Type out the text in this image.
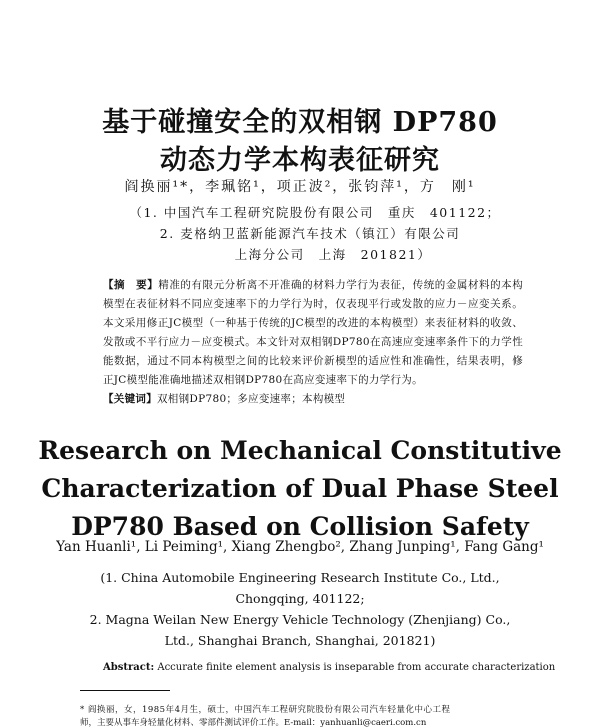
基于碰撞安全的双相钢 DP780
动态力学本构表征研究
阎换丽¹*，李珮铭¹，项正波²，张钧萍¹，方　刚¹
（1. 中国汽车工程研究院股份有限公司　重庆　401122；
2. 麦格纳卫蓝新能源汽车技术（镇江）有限公司
上海分公司　上海　201821）
【摘　要】精准的有限元分析离不开准确的材料力学行为表征，传统的金属材料的本构模型在表征材料不同应变速率下的力学行为时，仅表现平行或发散的应力－应变关系。本文采用修正JC模型（一种基于传统的JC模型的改进的本构模型）来表征材料的收敛、发散或不平行应力－应变模式。本文针对双相钢DP780在高速应变速率条件下的力学性能数据，通过不同本构模型之间的比较来评价新模型的适应性和准确性，结果表明，修正JC模型能准确地描述双相钢DP780在高应变速率下的力学行为。
【关键词】双相钢DP780；多应变速率；本构模型
Research on Mechanical Constitutive
Characterization of Dual Phase Steel
DP780 Based on Collision Safety
Yan Huanli¹, Li Peiming¹, Xiang Zhengbo², Zhang Junping¹, Fang Gang¹
(1. China Automobile Engineering Research Institute Co., Ltd.,
Chongqing, 401122;
2. Magna Weilan New Energy Vehicle Technology (Zhenjiang) Co.,
Ltd., Shanghai Branch, Shanghai, 201821)
Abstract: Accurate finite element analysis is inseparable from accurate characterization
* 阎换丽，女，1985年4月生，硕士，中国汽车工程研究院股份有限公司汽车轻量化中心工程
师，主要从事车身轻量化材料、零部件测试评价工作。E-mail：yanhuanli@caeri.com.cn
